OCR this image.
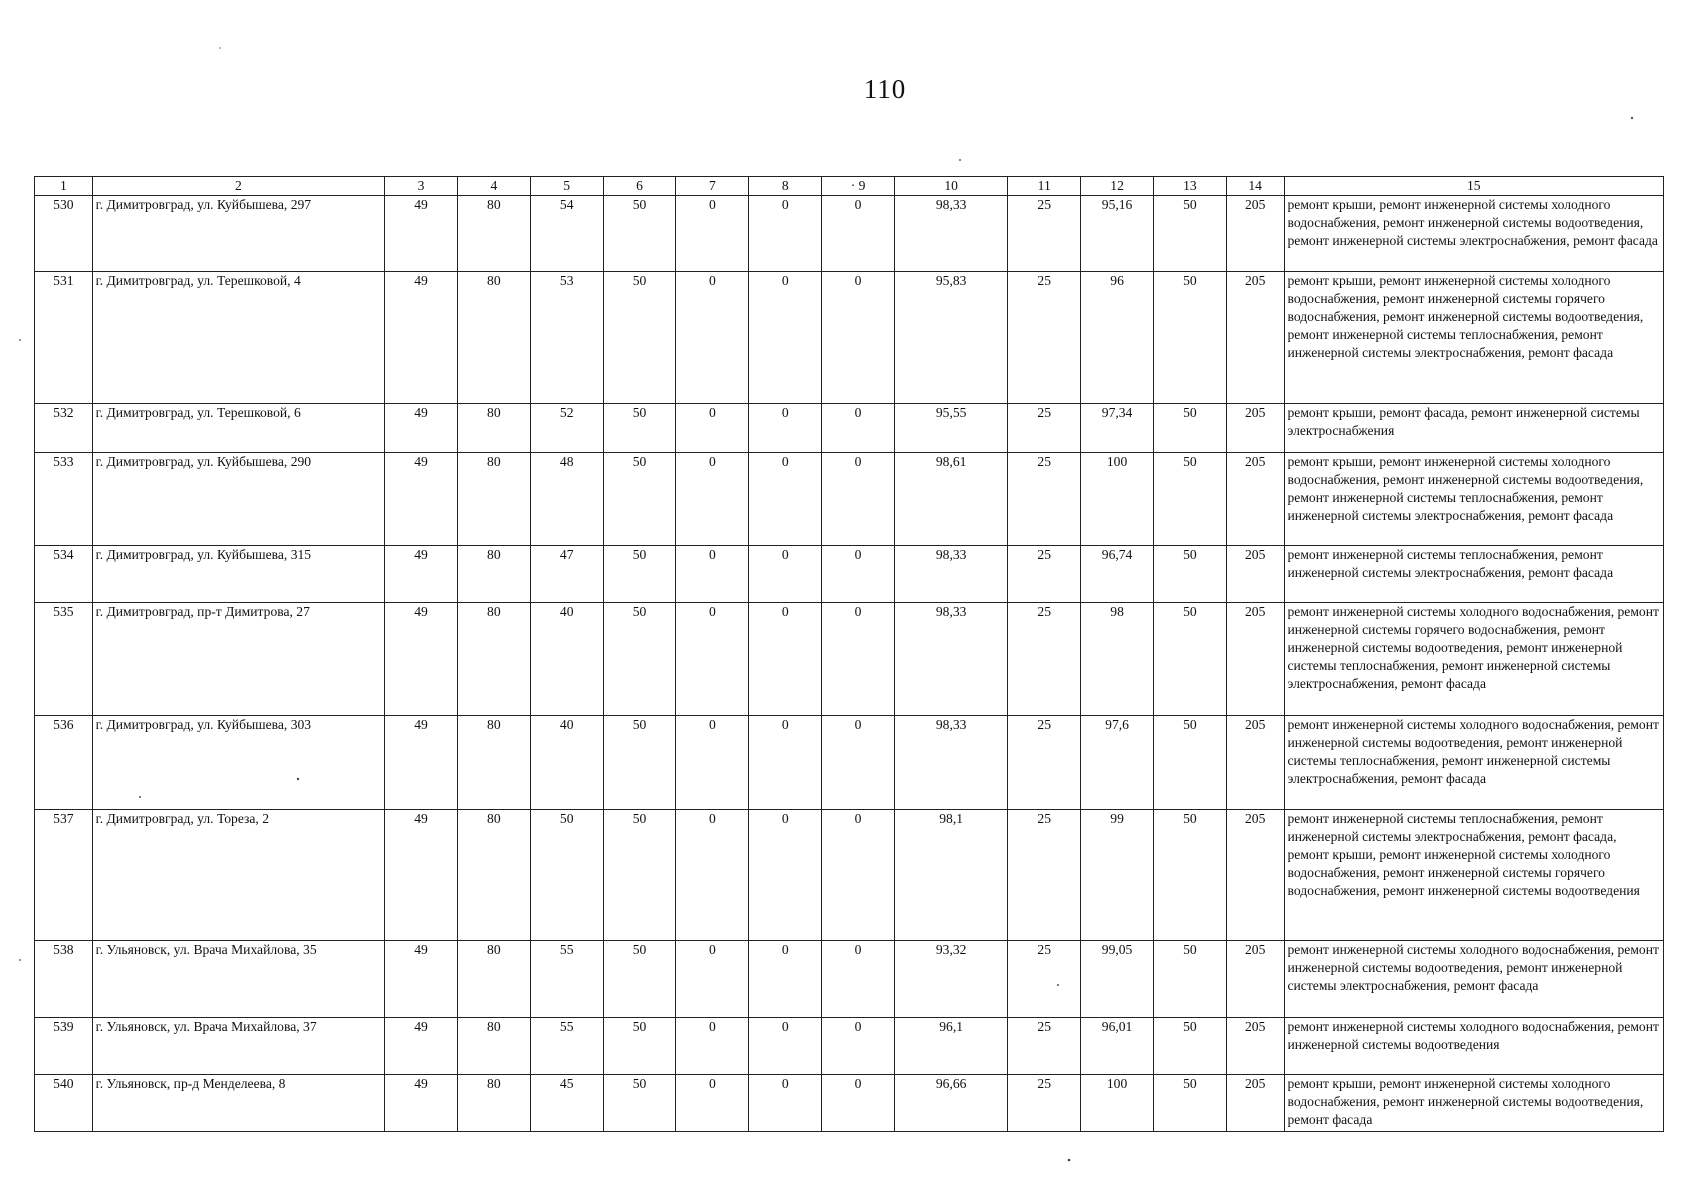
110
1	2	3	4	5	6	7	8	· 9	10	11	12	13	14	15
530	г. Димитровград, ул. Куйбышева, 297	49	80	54	50	0	0	0	98,33	25	95,16	50	205	ремонт крыши, ремонт инженерной системы холодного водоснабжения, ремонт инженерной системы водоотведения, ремонт инженерной системы электроснабжения, ремонт фасада
531	г. Димитровград, ул. Терешковой, 4	49	80	53	50	0	0	0	95,83	25	96	50	205	ремонт крыши, ремонт инженерной системы холодного водоснабжения, ремонт инженерной системы горячего водоснабжения, ремонт инженерной системы водоотведения, ремонт инженерной системы теплоснабжения, ремонт инженерной системы электроснабжения, ремонт фасада
532	г. Димитровград, ул. Терешковой, 6	49	80	52	50	0	0	0	95,55	25	97,34	50	205	ремонт крыши, ремонт фасада, ремонт инженерной системы электроснабжения
533	г. Димитровград, ул. Куйбышева, 290	49	80	48	50	0	0	0	98,61	25	100	50	205	ремонт крыши, ремонт инженерной системы холодного водоснабжения, ремонт инженерной системы водоотведения, ремонт инженерной системы теплоснабжения, ремонт инженерной системы электроснабжения, ремонт фасада
534	г. Димитровград, ул. Куйбышева, 315	49	80	47	50	0	0	0	98,33	25	96,74	50	205	ремонт инженерной системы теплоснабжения, ремонт инженерной системы электроснабжения, ремонт фасада
535	г. Димитровград, пр-т Димитрова, 27	49	80	40	50	0	0	0	98,33	25	98	50	205	ремонт инженерной системы холодного водоснабжения, ремонт инженерной системы горячего водоснабжения, ремонт инженерной системы водоотведения, ремонт инженерной системы теплоснабжения, ремонт инженерной системы электроснабжения, ремонт фасада
536	г. Димитровград, ул. Куйбышева, 303	49	80	40	50	0	0	0	98,33	25	97,6	50	205	ремонт инженерной системы холодного водоснабжения, ремонт инженерной системы водоотведения, ремонт инженерной системы теплоснабжения, ремонт инженерной системы электроснабжения, ремонт фасада
537	г. Димитровград, ул. Тореза, 2	49	80	50	50	0	0	0	98,1	25	99	50	205	ремонт инженерной системы теплоснабжения, ремонт инженерной системы электроснабжения, ремонт фасада, ремонт крыши, ремонт инженерной системы холодного водоснабжения, ремонт инженерной системы горячего водоснабжения, ремонт инженерной системы водоотведения
538	г. Ульяновск, ул. Врача Михайлова, 35	49	80	55	50	0	0	0	93,32	25	99,05	50	205	ремонт инженерной системы холодного водоснабжения, ремонт инженерной системы водоотведения, ремонт инженерной системы электроснабжения, ремонт фасада
539	г. Ульяновск, ул. Врача Михайлова, 37	49	80	55	50	0	0	0	96,1	25	96,01	50	205	ремонт инженерной системы холодного водоснабжения, ремонт инженерной системы водоотведения
540	г. Ульяновск, пр-д Менделеева, 8	49	80	45	50	0	0	0	96,66	25	100	50	205	ремонт крыши, ремонт инженерной системы холодного водоснабжения, ремонт инженерной системы водоотведения, ремонт фасада
